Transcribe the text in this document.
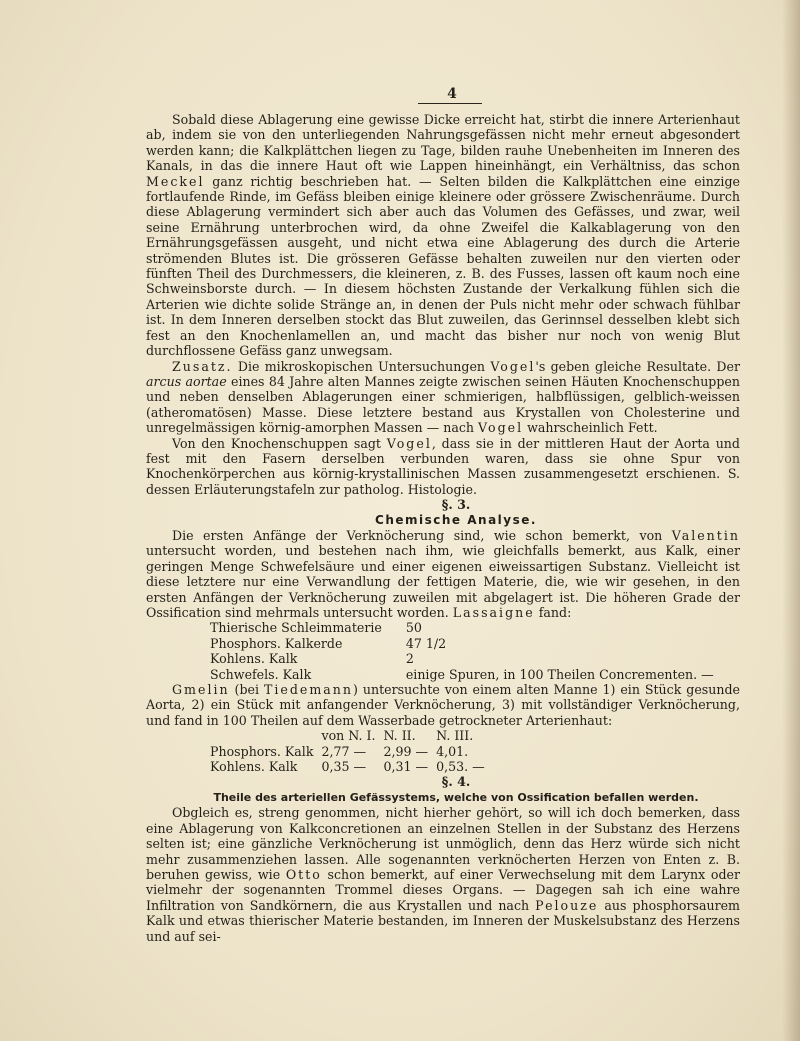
4

Sobald diese Ablagerung eine gewisse Dicke erreicht hat, stirbt die innere Arterienhaut ab, indem sie von den unterliegenden Nahrungsgefässen nicht mehr erneut abgesondert werden kann; die Kalkplättchen liegen zu Tage, bilden rauhe Unebenheiten im Inneren des Kanals, in das die innere Haut oft wie Lappen hineinhängt, ein Verhältniss, das schon Meckel ganz richtig beschrieben hat. — Selten bilden die Kalkplättchen eine einzige fortlaufende Rinde, im Gefäss bleiben einige kleinere oder grössere Zwischenräume. Durch diese Ablagerung vermindert sich aber auch das Volumen des Gefässes, und zwar, weil seine Ernährung unterbrochen wird, da ohne Zweifel die Kalkablagerung von den Ernährungsgefässen ausgeht, und nicht etwa eine Ablagerung des durch die Arterie strömenden Blutes ist. Die grösseren Gefässe behalten zuweilen nur den vierten oder fünften Theil des Durchmessers, die kleineren, z. B. des Fusses, lassen oft kaum noch eine Schweinsborste durch. — In diesem höchsten Zustande der Verkalkung fühlen sich die Arterien wie dichte solide Stränge an, in denen der Puls nicht mehr oder schwach fühlbar ist. In dem Inneren derselben stockt das Blut zuweilen, das Gerinnsel desselben klebt sich fest an den Knochenlamellen an, und macht das bisher nur noch von wenig Blut durchflossene Gefäss ganz unwegsam.

Zusatz. Die mikroskopischen Untersuchungen Vogel's geben gleiche Resultate. Der arcus aortae eines 84 Jahre alten Mannes zeigte zwischen seinen Häuten Knochenschuppen und neben denselben Ablagerungen einer schmierigen, halbflüssigen, gelblich-weissen (atheromatösen) Masse. Diese letztere bestand aus Krystallen von Cholesterine und unregelmässigen körnig-amorphen Massen — nach Vogel wahrscheinlich Fett.

Von den Knochenschuppen sagt Vogel, dass sie in der mittleren Haut der Aorta und fest mit den Fasern derselben verbunden waren, dass sie ohne Spur von Knochenkörperchen aus körnig-krystallinischen Massen zusammengesetzt erschienen. S. dessen Erläuterungstafeln zur patholog. Histologie.

§. 3.

Chemische Analyse.

Die ersten Anfänge der Verknöcherung sind, wie schon bemerkt, von Valentin untersucht worden, und bestehen nach ihm, wie gleichfalls bemerkt, aus Kalk, einer geringen Menge Schwefelsäure und einer eigenen eiweissartigen Substanz. Vielleicht ist diese letztere nur eine Verwandlung der fettigen Materie, die, wie wir gesehen, in den ersten Anfängen der Verknöcherung zuweilen mit abgelagert ist. Die höheren Grade der Ossification sind mehrmals untersucht worden. Lassaigne fand:

Thierische Schleimmaterie	50
Phosphors. Kalkerde	47 1/2
Kohlens. Kalk	2
Schwefels. Kalk	einige Spuren, in 100 Theilen Concrementen. —

Gmelin (bei Tiedemann) untersuchte von einem alten Manne 1) ein Stück gesunde Aorta, 2) ein Stück mit anfangender Verknöcherung, 3) mit vollständiger Verknöcherung, und fand in 100 Theilen auf dem Wasserbade getrockneter Arterienhaut:

	von N. I.	N. II.	N. III.
Phosphors. Kalk	2,77 —	2,99 —	4,01.
Kohlens. Kalk	0,35 —	0,31 —	0,53. —

§. 4.

Theile des arteriellen Gefässystems, welche von Ossification befallen werden.

Obgleich es, streng genommen, nicht hierher gehört, so will ich doch bemerken, dass eine Ablagerung von Kalkconcretionen an einzelnen Stellen in der Substanz des Herzens selten ist; eine gänzliche Verknöcherung ist unmöglich, denn das Herz würde sich nicht mehr zusammenziehen lassen. Alle sogenannten verknöcherten Herzen von Enten z. B. beruhen gewiss, wie Otto schon bemerkt, auf einer Verwechselung mit dem Larynx oder vielmehr der sogenannten Trommel dieses Organs. — Dagegen sah ich eine wahre Infiltration von Sandkörnern, die aus Krystallen und nach Pelouze aus phosphorsaurem Kalk und etwas thierischer Materie bestanden, im Inneren der Muskelsubstanz des Herzens und auf sei-
